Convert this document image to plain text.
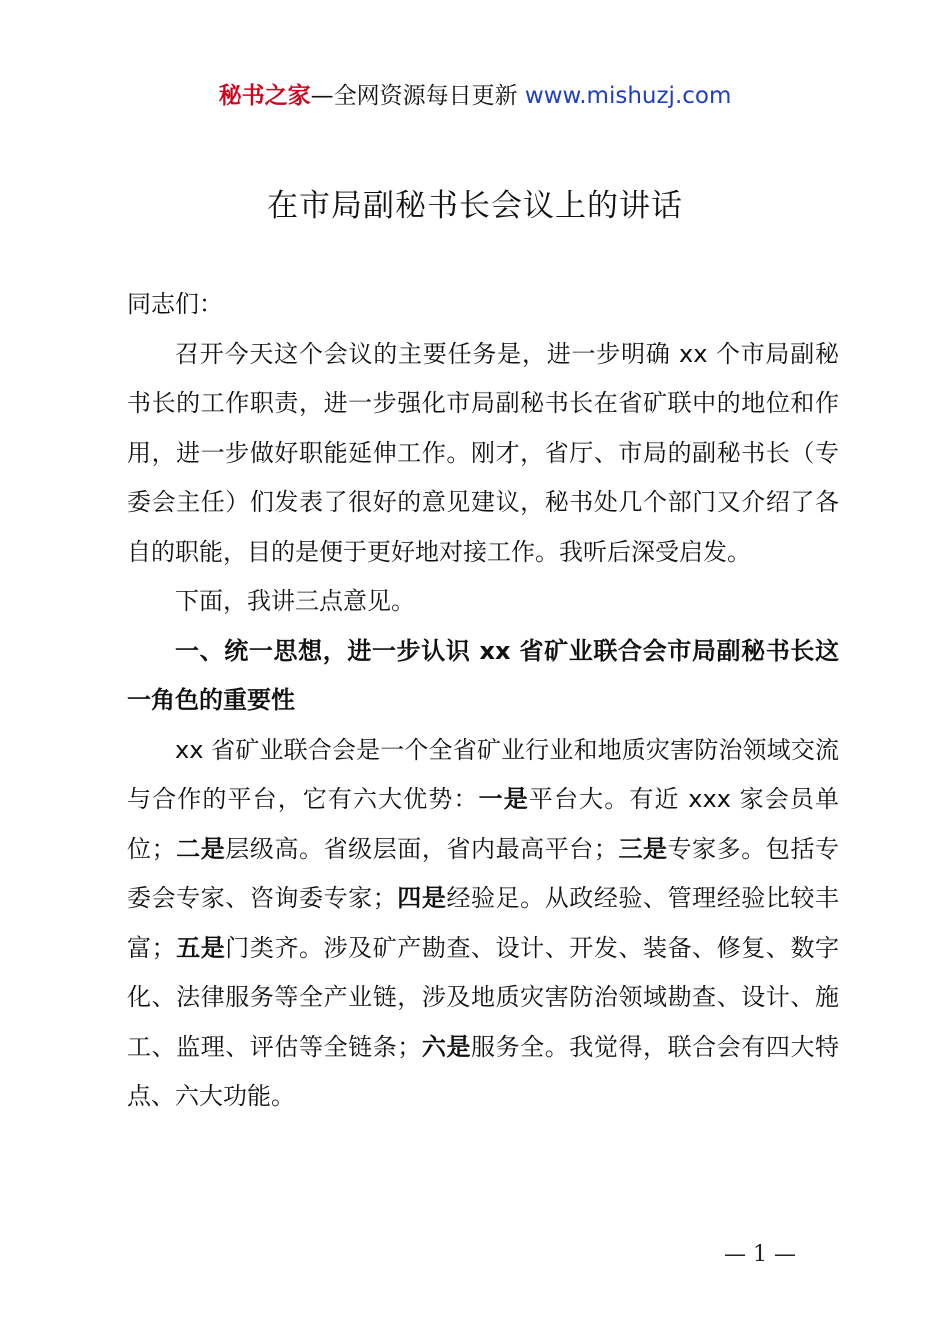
秘书之家—全网资源每日更新 www.mishuzj.com
在市局副秘书长会议上的讲话

同志们：

召开今天这个会议的主要任务是，进一步明确 xx 个市局副秘书长的工作职责，进一步强化市局副秘书长在省矿联中的地位和作用，进一步做好职能延伸工作。刚才，省厅、市局的副秘书长（专委会主任）们发表了很好的意见建议，秘书处几个部门又介绍了各自的职能，目的是便于更好地对接工作。我听后深受启发。

下面，我讲三点意见。

一、统一思想，进一步认识 xx 省矿业联合会市局副秘书长这一角色的重要性

xx 省矿业联合会是一个全省矿业行业和地质灾害防治领域交流与合作的平台，它有六大优势：一是平台大。有近 xxx 家会员单位；二是层级高。省级层面，省内最高平台；三是专家多。包括专委会专家、咨询委专家；四是经验足。从政经验、管理经验比较丰富；五是门类齐。涉及矿产勘查、设计、开发、装备、修复、数字化、法律服务等全产业链，涉及地质灾害防治领域勘查、设计、施工、监理、评估等全链条；六是服务全。我觉得，联合会有四大特点、六大功能。

— 1 —
